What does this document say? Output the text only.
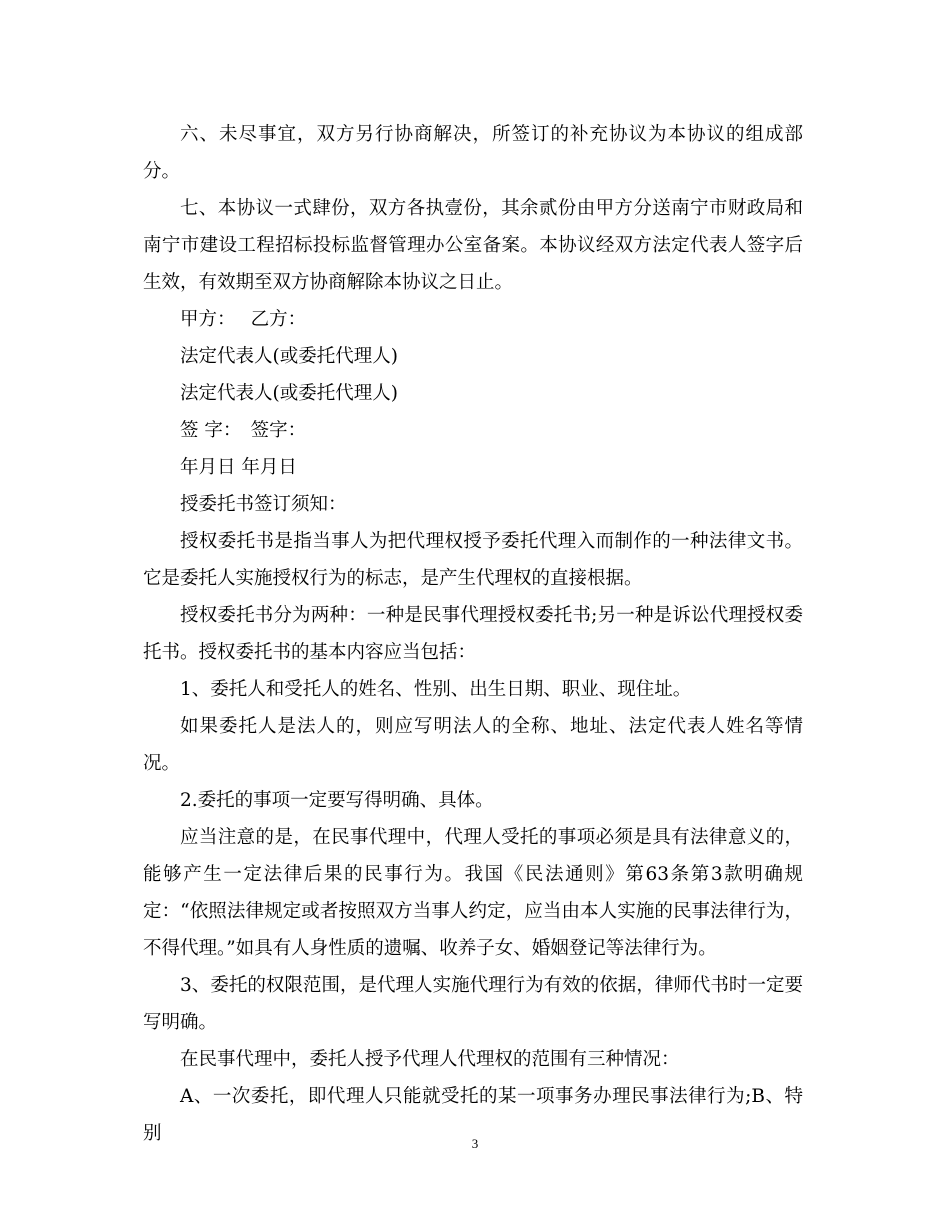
六、未尽事宜，双方另行协商解决，所签订的补充协议为本协议的组成部分。

七、本协议一式肆份，双方各执壹份，其余贰份由甲方分送南宁市财政局和南宁市建设工程招标投标监督管理办公室备案。本协议经双方法定代表人签字后生效，有效期至双方协商解除本协议之日止。

甲方：　 乙方：

法定代表人(或委托代理人)

法定代表人(或委托代理人)

签 字：　签字：

年月日 年月日

授委托书签订须知：

授权委托书是指当事人为把代理权授予委托代理入而制作的一种法律文书。它是委托人实施授权行为的标志，是产生代理权的直接根据。

授权委托书分为两种：一种是民事代理授权委托书;另一种是诉讼代理授权委托书。授权委托书的基本内容应当包括：

1、委托人和受托人的姓名、性别、出生日期、职业、现住址。

如果委托人是法人的，则应写明法人的全称、地址、法定代表人姓名等情况。

2.委托的事项一定要写得明确、具体。

应当注意的是，在民事代理中，代理人受托的事项必须是具有法律意义的，能够产生一定法律后果的民事行为。我国《民法通则》第63条第3款明确规定：“依照法律规定或者按照双方当事人约定，应当由本人实施的民事法律行为，不得代理。”如具有人身性质的遗嘱、收养子女、婚姻登记等法律行为。

3、委托的权限范围，是代理人实施代理行为有效的依据，律师代书时一定要写明确。

在民事代理中，委托人授予代理人代理权的范围有三种情况：

A、一次委托，即代理人只能就受托的某一项事务办理民事法律行为;B、特别	3
